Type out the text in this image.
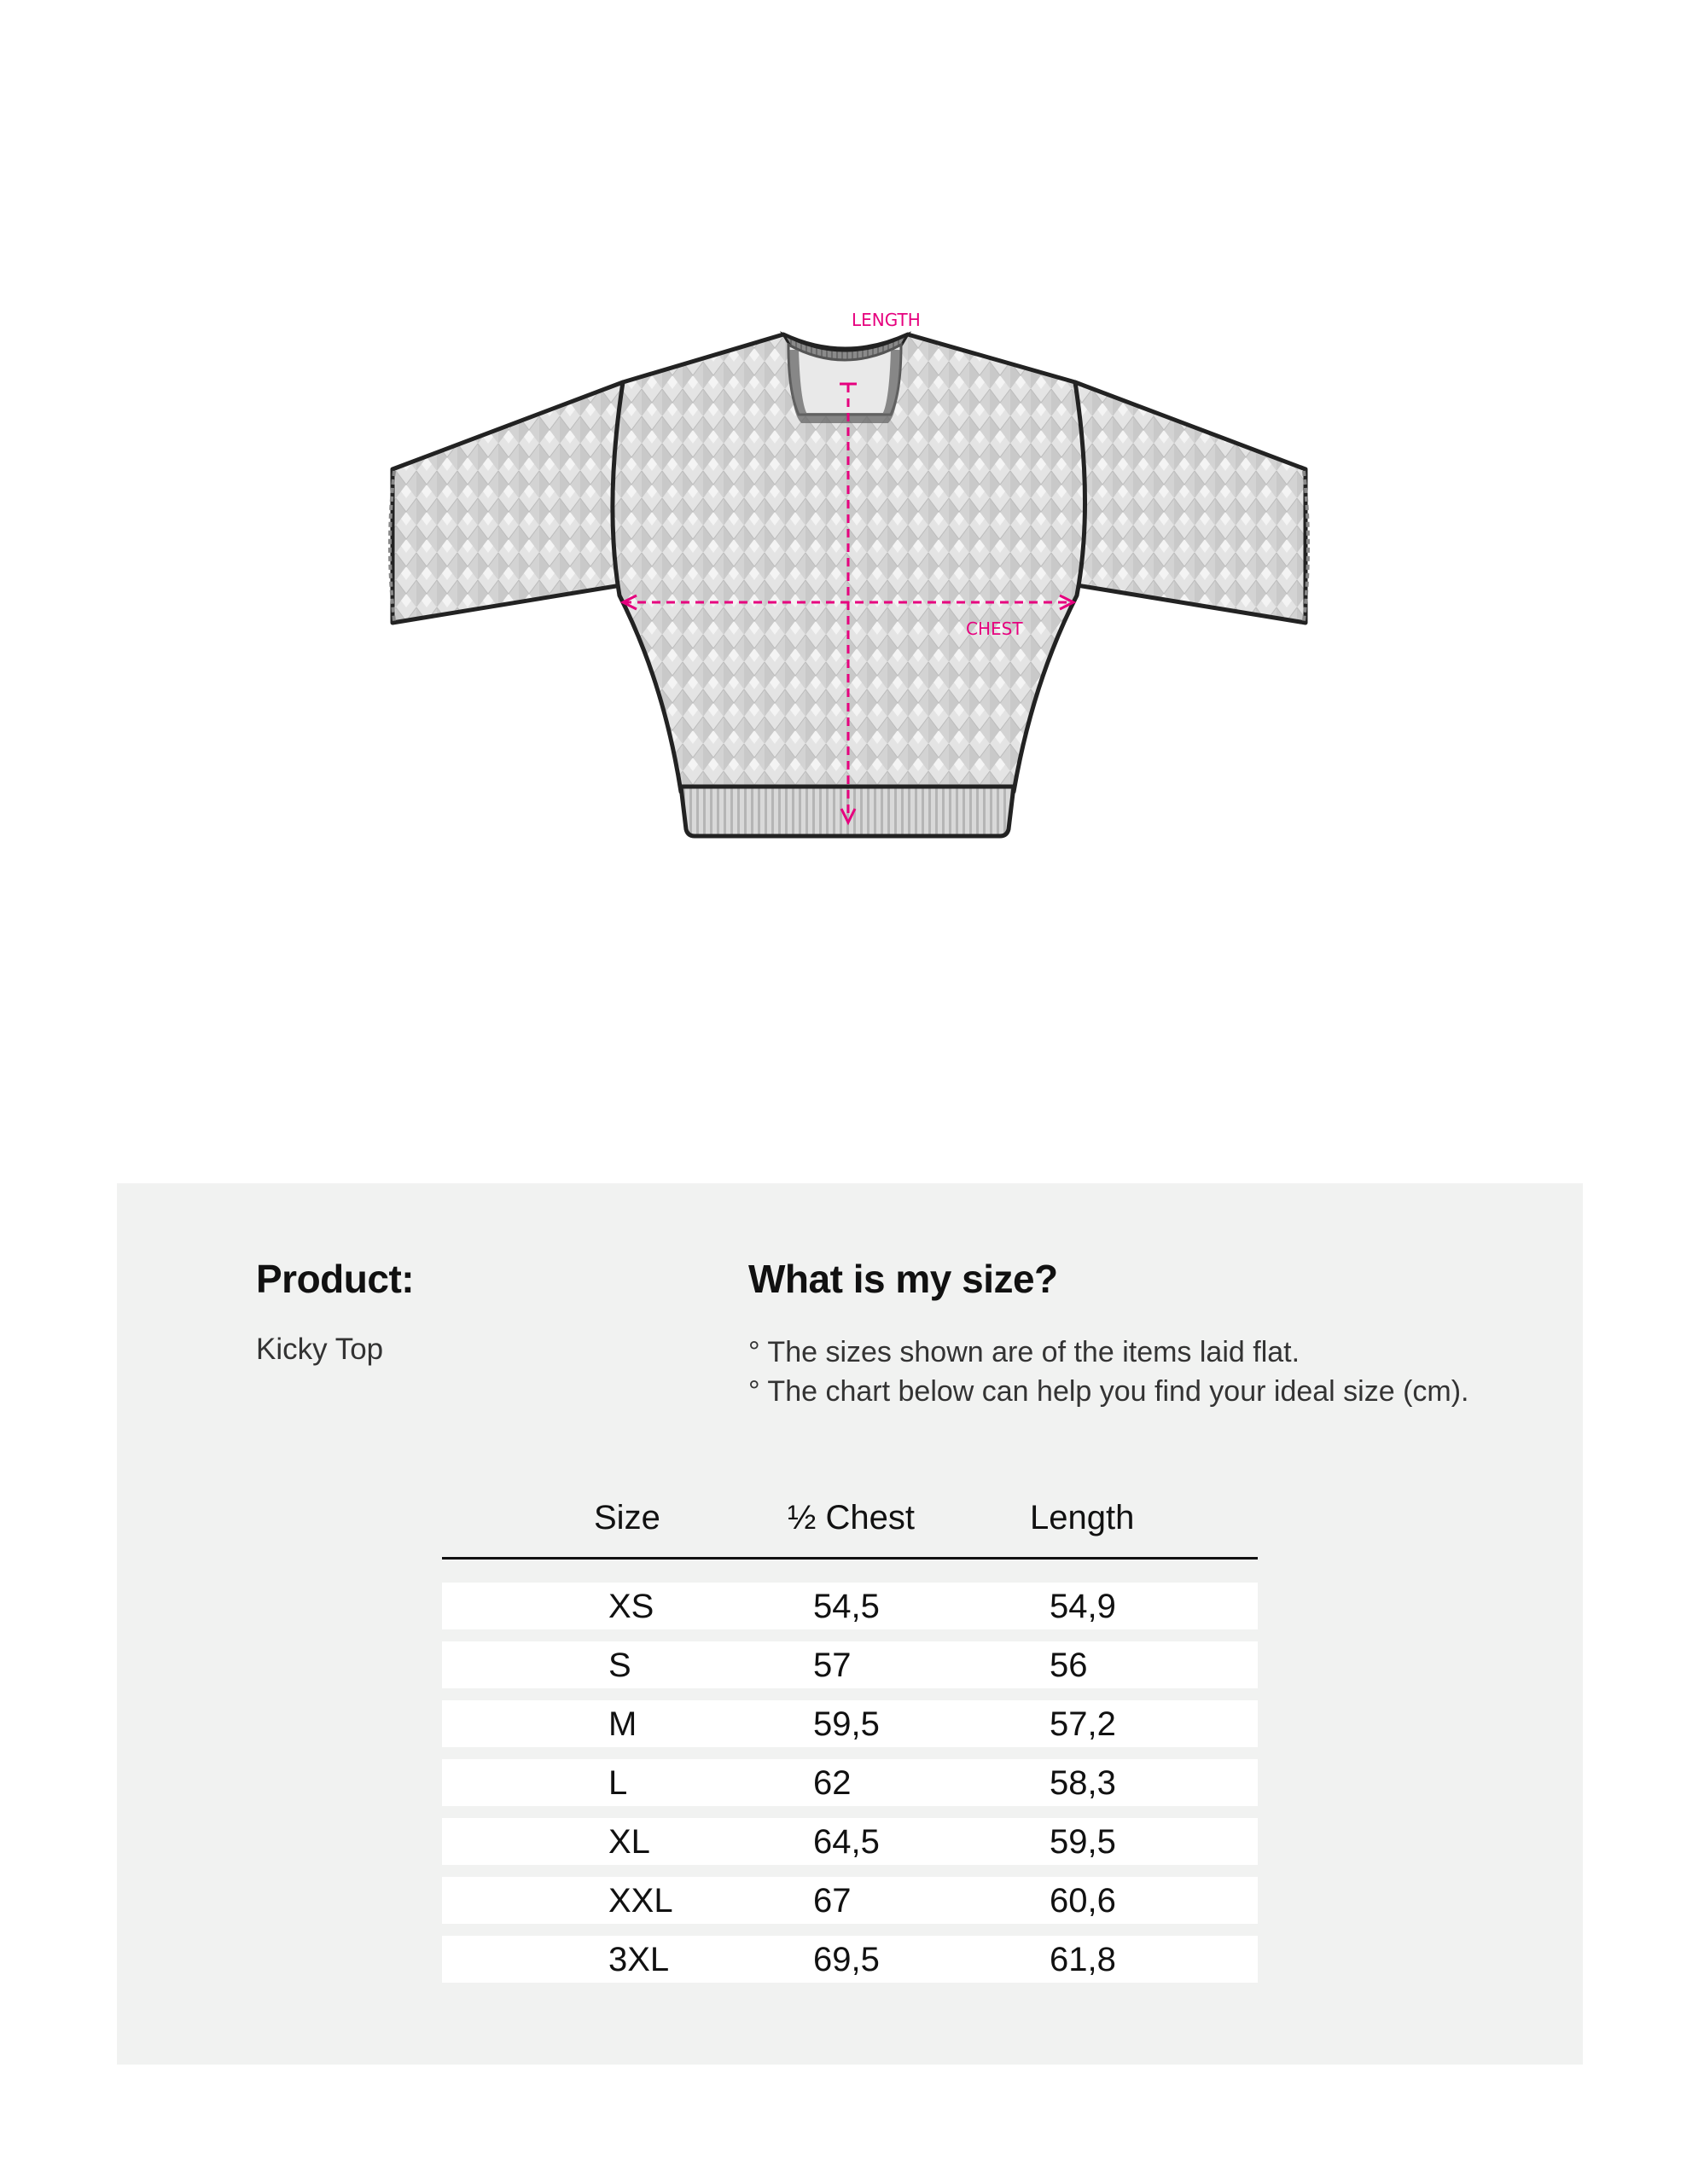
LENGTH
CHEST
Product:
Kicky Top
What is my size?
° The sizes shown are of the items laid flat.
° The chart below can help you find your ideal size (cm).
Size	½ Chest	Length
XS	54,5	54,9
S	57	56
M	59,5	57,2
L	62	58,3
XL	64,5	59,5
XXL	67	60,6
3XL	69,5	61,8
